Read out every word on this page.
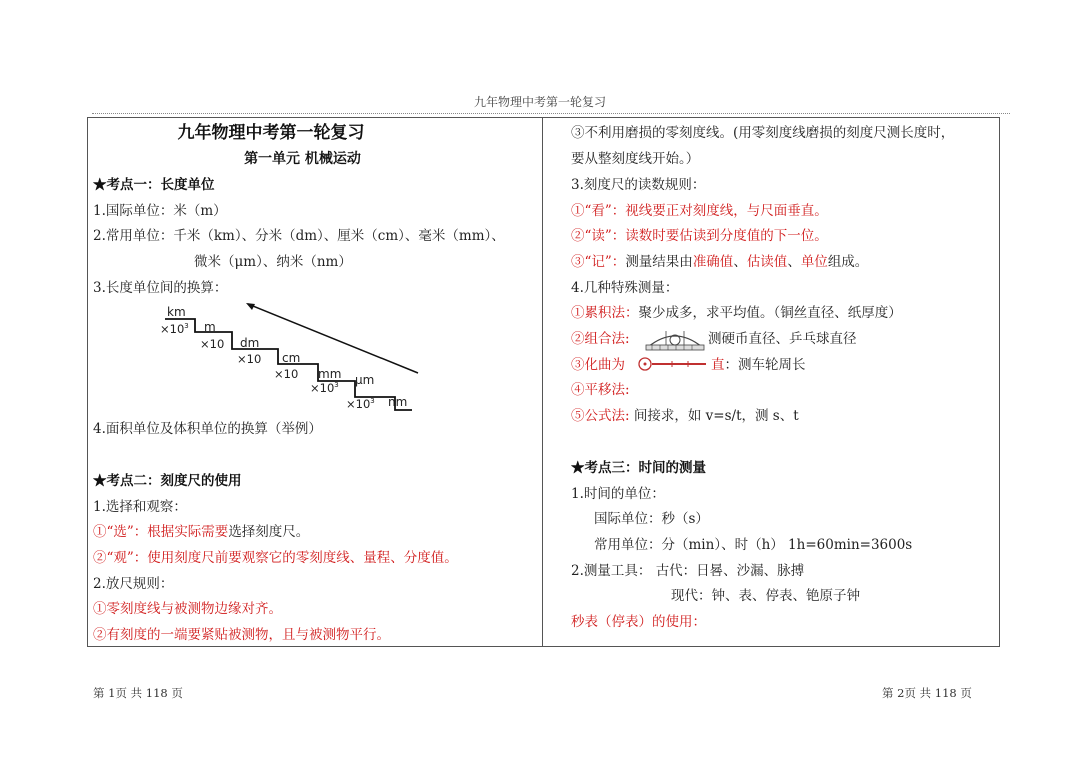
九年物理中考第一轮复习
九年物理中考第一轮复习
第一单元 机械运动
★考点一：长度单位
1.国际单位：米（m）
2.常用单位：千米（km）、分米（dm）、厘米（cm）、毫米（mm）、
微米（μm）、纳米（nm）
3.长度单位间的换算：
km
m
dm
cm
mm μm
nm
$\times 10^3$
×10
×10
×10
$\times 10^3$
$\times 10^3$
4.面积单位及体积单位的换算（举例）
★考点二：刻度尺的使用
1.选择和观察：
①“选”：根据实际需要选择刻度尺。
②“观”：使用刻度尺前要观察它的零刻度线、量程、分度值。
2.放尺规则：
①零刻度线与被测物边缘对齐。
②有刻度的一端要紧贴被测物，且与被测物平行。
③不利用磨损的零刻度线。(用零刻度线磨损的刻度尺测长度时，
要从整刻度线开始。）
3.刻度尺的读数规则：
①“看”：视线要正对刻度线，与尺面垂直。
②“读”：读数时要估读到分度值的下一位。
③“记”：测量结果由准确值、估读值、单位组成。
4.几种特殊测量：
①累积法：聚少成多，求平均值。（铜丝直径、纸厚度）
②组合法:	测硬币直径、乒乓球直径
③化曲为	直：测车轮周长
④平移法:
⑤公式法: 间接求，如 v=s/t，测 s、t
★考点三：时间的测量
1.时间的单位：
国际单位：秒（s）
常用单位：分（min）、时（h） 1h=60min=3600s
2.测量工具： 古代：日晷、沙漏、脉搏
现代：钟、表、停表、铯原子钟
秒表（停表）的使用：
第 1页 共 118 页	第 2页 共 118 页
